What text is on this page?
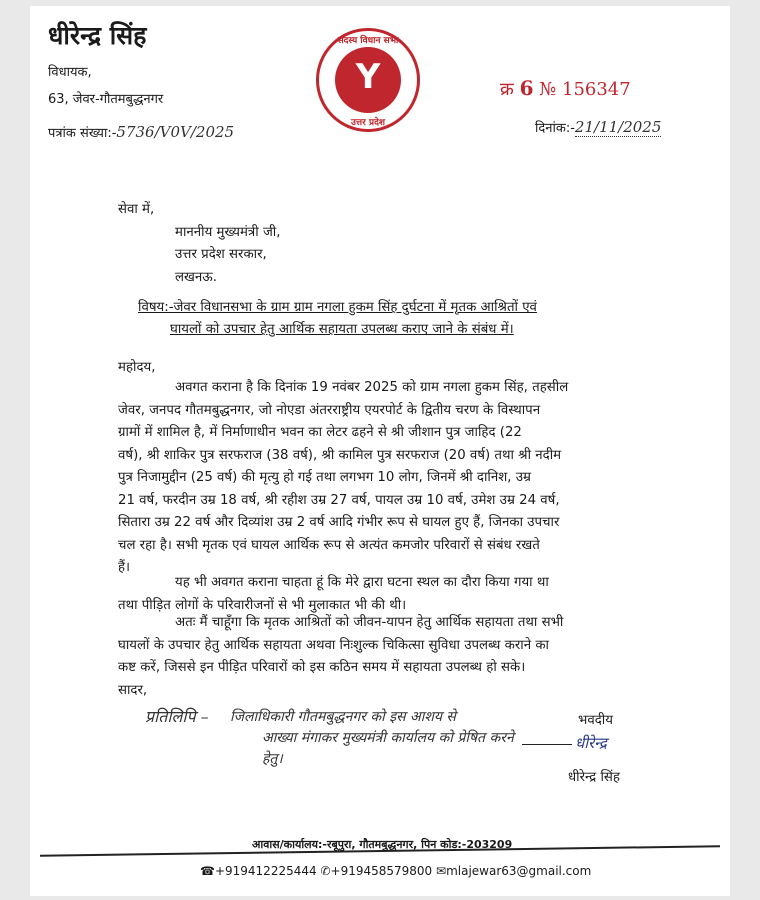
धीरेन्द्र सिंह
विधायक,
63, जेवर-गौतमबुद्धनगर
पत्रांक संख्या:-5736/V0V/2025
सदस्य विधान सभा
Y
उत्तर प्रदेश
क्र 6 № 156347
दिनांक:-21/11/2025
सेवा में,
माननीय मुख्यमंत्री जी,
उत्तर प्रदेश सरकार,
लखनऊ.
विषय:-जेवर विधानसभा के ग्राम ग्राम नगला हुकम सिंह दुर्घटना में मृतक आश्रितों एवं
घायलों को उपचार हेतु आर्थिक सहायता उपलब्ध कराए जाने के संबंध में।
महोदय,
अवगत कराना है कि दिनांक 19 नवंबर 2025 को ग्राम नगला हुकम सिंह, तहसील
जेवर, जनपद गौतमबुद्धनगर, जो नोएडा अंतरराष्ट्रीय एयरपोर्ट के द्वितीय चरण के विस्थापन
ग्रामों में शामिल है, में निर्माणाधीन भवन का लेटर ढहने से श्री जीशान पुत्र जाहिद (22
वर्ष), श्री शाकिर पुत्र सरफराज (38 वर्ष), श्री कामिल पुत्र सरफराज (20 वर्ष) तथा श्री नदीम
पुत्र निजामुद्दीन (25 वर्ष) की मृत्यु हो गई तथा लगभग 10 लोग, जिनमें श्री दानिश, उम्र
21 वर्ष, फरदीन उम्र 18 वर्ष, श्री रहीश उम्र 27 वर्ष, पायल उम्र 10 वर्ष, उमेश उम्र 24 वर्ष,
सितारा उम्र 22 वर्ष और दिव्यांश उम्र 2 वर्ष आदि गंभीर रूप से घायल हुए हैं, जिनका उपचार
चल रहा है। सभी मृतक एवं घायल आर्थिक रूप से अत्यंत कमजोर परिवारों से संबंध रखते
हैं।
यह भी अवगत कराना चाहता हूं कि मेरे द्वारा घटना स्थल का दौरा किया गया था
तथा पीड़ित लोगों के परिवारीजनों से भी मुलाकात भी की थी।
अतः मैं चाहूँगा कि मृतक आश्रितों को जीवन-यापन हेतु आर्थिक सहायता तथा सभी
घायलों के उपचार हेतु आर्थिक सहायता अथवा निःशुल्क चिकित्सा सुविधा उपलब्ध कराने का
कष्ट करें, जिससे इन पीड़ित परिवारों को इस कठिन समय में सहायता उपलब्ध हो सके।
सादर,
प्रतिलिपि – जिलाधिकारी गौतमबुद्धनगर को इस आशय से
आख्या मंगाकर मुख्यमंत्री कार्यालय को प्रेषित करने
हेतु।
भवदीय
धीरेन्द्र
धीरेन्द्र सिंह
आवास/कार्यालय:-रबूपुरा, गौतमबुद्धनगर, पिन कोड:-203209
☎+919412225444 ✆+919458579800 ✉mlajewar63@gmail.com
